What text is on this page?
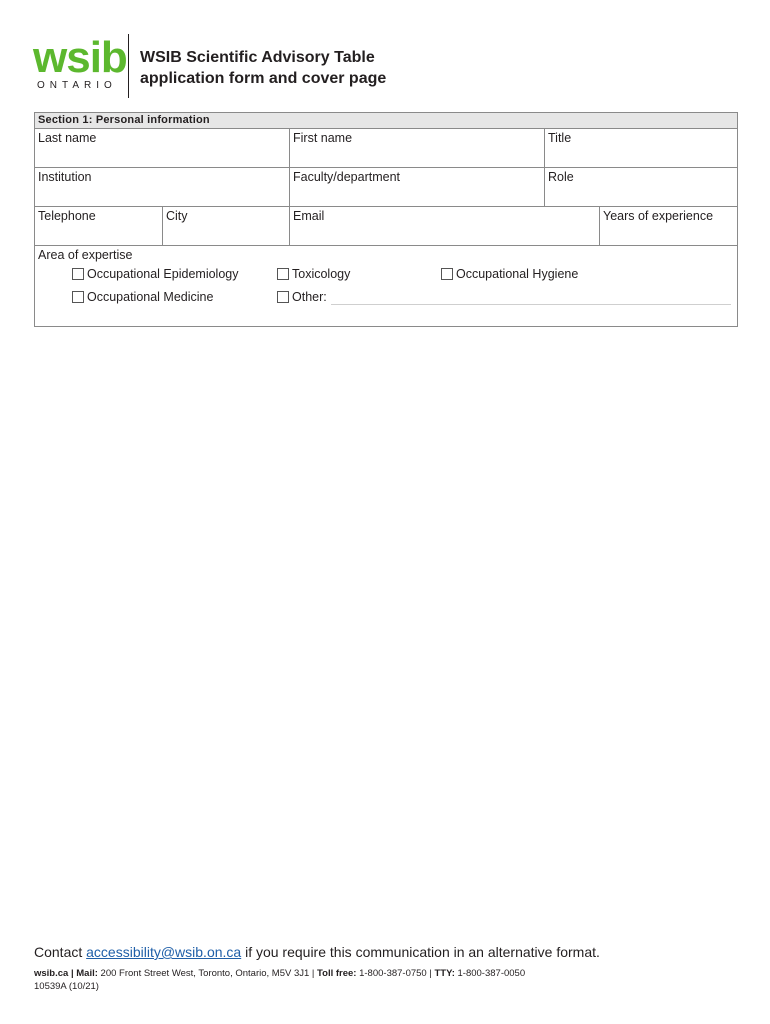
wsib
ONTARIO
WSIB Scientific Advisory Table
application form and cover page
Section 1: Personal information
Last name	First name	Title
Institution	Faculty/department	Role
Telephone	City	Email	Years of experience
Area of expertise
Occupational Epidemiology	Toxicology	Occupational Hygiene
Occupational Medicine	Other:
Contact accessibility@wsib.on.ca if you require this communication in an alternative format.
wsib.ca | Mail: 200 Front Street West, Toronto, Ontario, M5V 3J1 | Toll free: 1-800-387-0750 | TTY: 1-800-387-0050
10539A (10/21)
